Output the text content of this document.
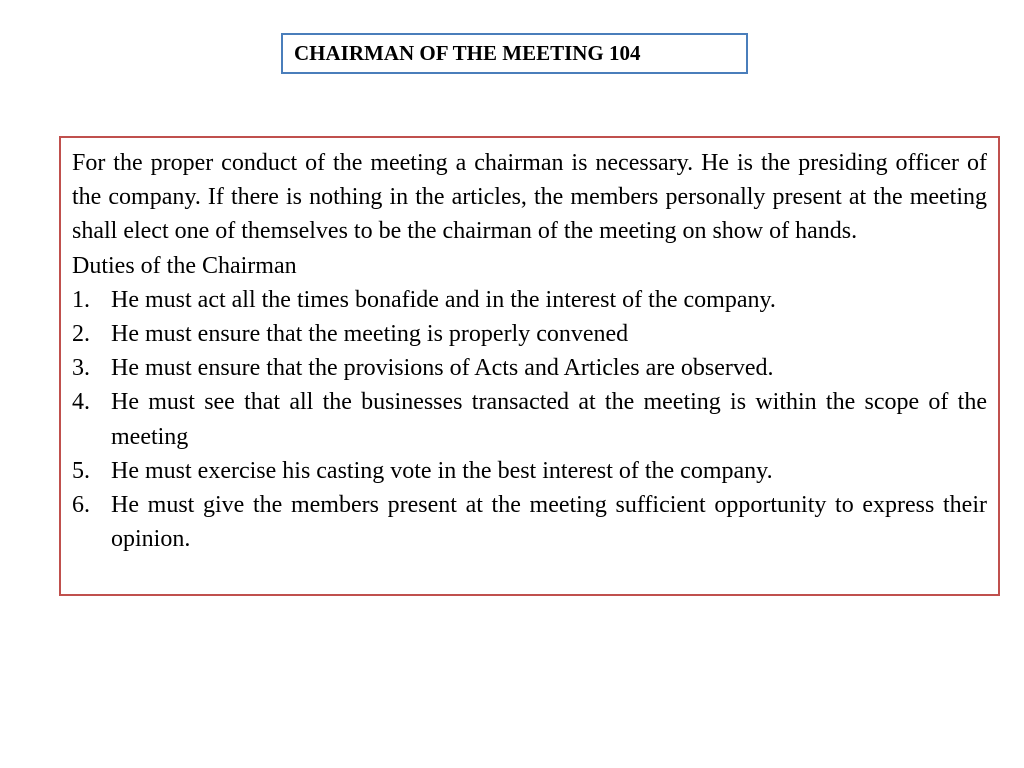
CHAIRMAN OF THE MEETING 104

For the proper conduct of the meeting a chairman is necessary. He is the presiding officer of the company. If there is nothing in the articles, the members personally present at the meeting shall elect one of themselves to be the chairman of the meeting on show of hands.

Duties of the Chairman

1. He must act all the times bonafide and in the interest of the company.
2. He must ensure that the meeting is properly convened
3. He must ensure that the provisions of Acts and Articles are observed.
4. He must see that all the businesses transacted at the meeting is within the scope of the meeting
5. He must exercise his casting vote in the best interest of the company.
6. He must give the members present at the meeting sufficient opportunity to express their opinion.
